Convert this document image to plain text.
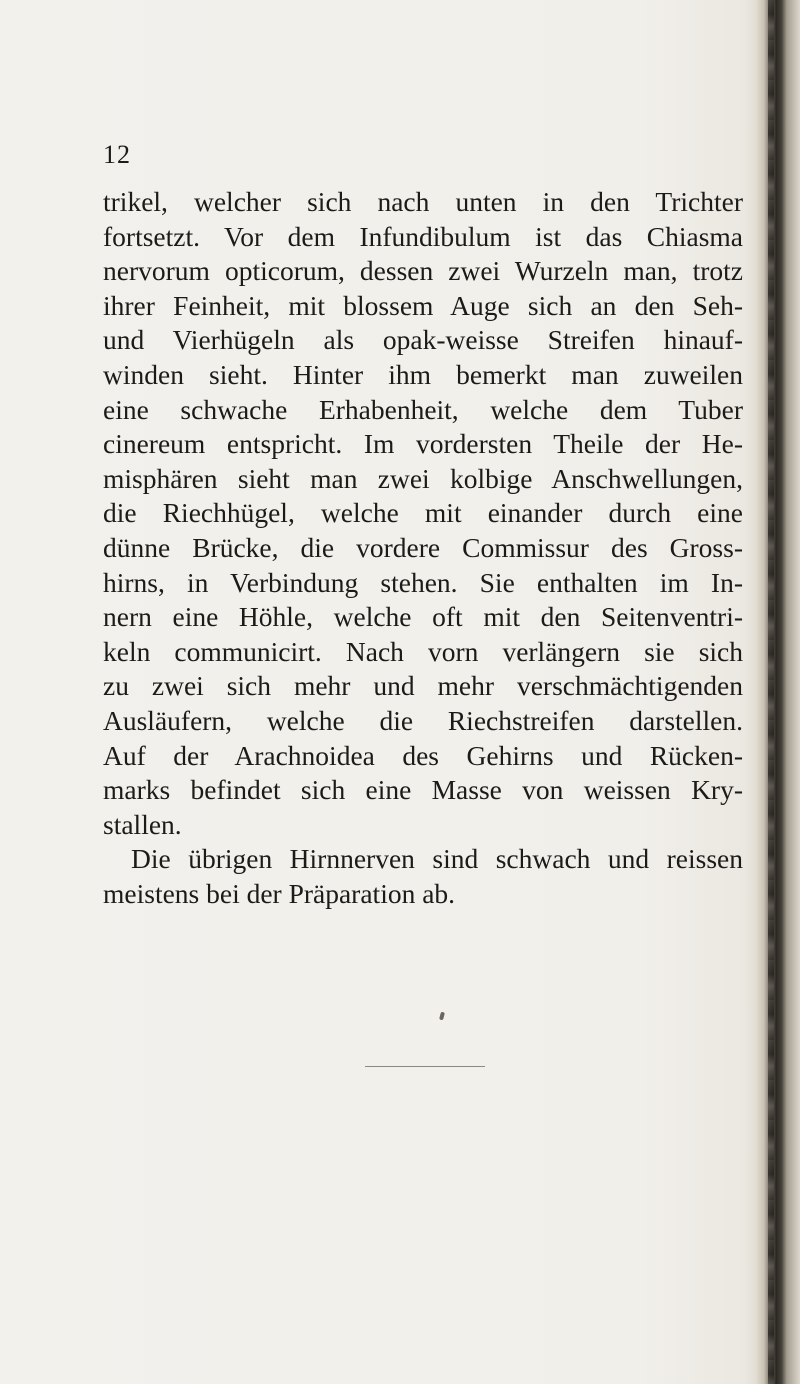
12
trikel, welcher sich nach unten in den Trichter
fortsetzt. Vor dem Infundibulum ist das Chiasma
nervorum opticorum, dessen zwei Wurzeln man, trotz
ihrer Feinheit, mit blossem Auge sich an den Seh-
und Vierhügeln als opak-weisse Streifen hinauf-
winden sieht. Hinter ihm bemerkt man zuweilen
eine schwache Erhabenheit, welche dem Tuber
cinereum entspricht. Im vordersten Theile der He-
misphären sieht man zwei kolbige Anschwellungen,
die Riechhügel, welche mit einander durch eine
dünne Brücke, die vordere Commissur des Gross-
hirns, in Verbindung stehen. Sie enthalten im In-
nern eine Höhle, welche oft mit den Seitenventri-
keln communicirt. Nach vorn verlängern sie sich
zu zwei sich mehr und mehr verschmächtigenden
Ausläufern, welche die Riechstreifen darstellen.
Auf der Arachnoidea des Gehirns und Rücken-
marks befindet sich eine Masse von weissen Kry-
stallen.
Die übrigen Hirnnerven sind schwach und reissen
meistens bei der Präparation ab.
